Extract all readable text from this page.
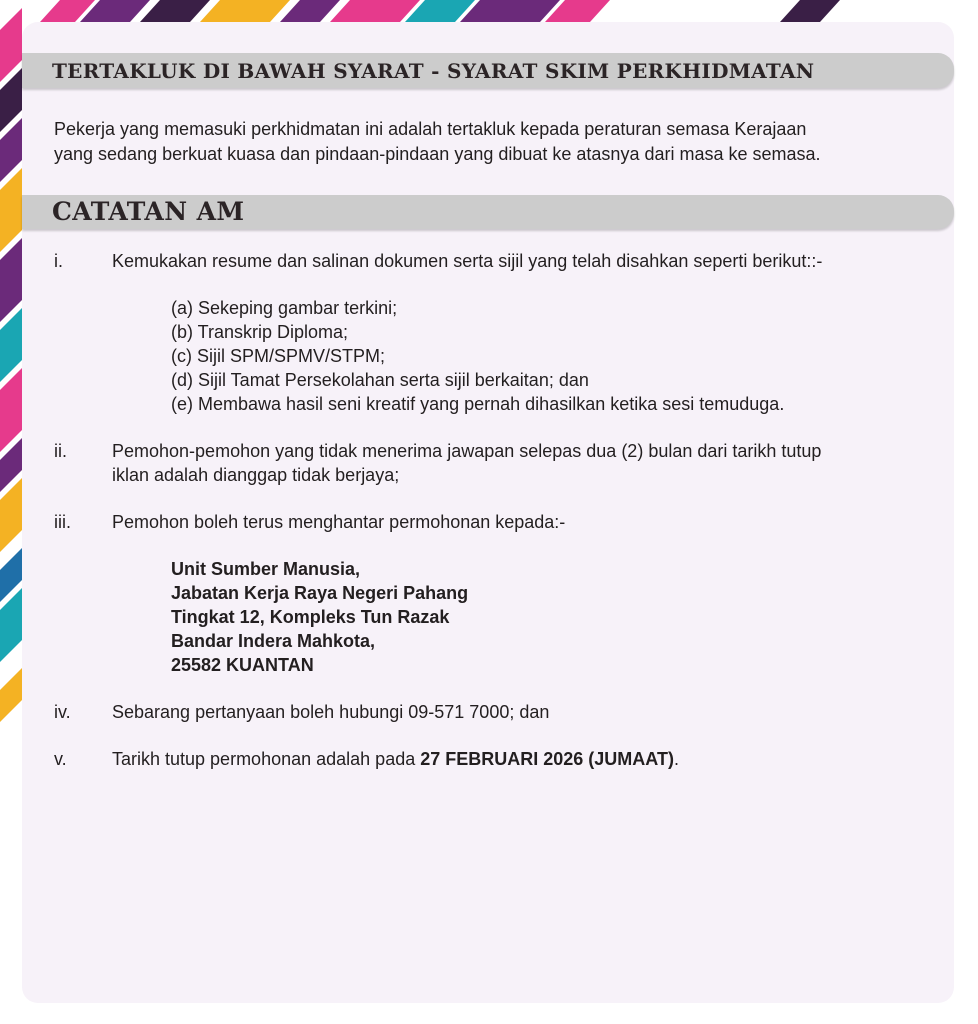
TERTAKLUK DI BAWAH SYARAT - SYARAT SKIM PERKHIDMATAN
Pekerja yang memasuki perkhidmatan ini adalah tertakluk kepada peraturan semasa Kerajaan
yang sedang berkuat kuasa dan pindaan-pindaan yang dibuat ke atasnya dari masa ke semasa.
CATATAN AM
i.	Kemukakan resume dan salinan dokumen serta sijil yang telah disahkan seperti berikut::-
(a) Sekeping gambar terkini;
(b) Transkrip Diploma;
(c) Sijil SPM/SPMV/STPM;
(d) Sijil Tamat Persekolahan serta sijil berkaitan; dan
(e) Membawa hasil seni kreatif yang pernah dihasilkan ketika sesi temuduga.
ii.	Pemohon-pemohon yang tidak menerima jawapan selepas dua (2) bulan dari tarikh tutup
iklan adalah dianggap tidak berjaya;
iii. Pemohon boleh terus menghantar permohonan kepada:-
Unit Sumber Manusia,
Jabatan Kerja Raya Negeri Pahang
Tingkat 12, Kompleks Tun Razak
Bandar Indera Mahkota,
25582 KUANTAN
iv. Sebarang pertanyaan boleh hubungi 09-571 7000; dan
v.	Tarikh tutup permohonan adalah pada 27 FEBRUARI 2026 (JUMAAT).
